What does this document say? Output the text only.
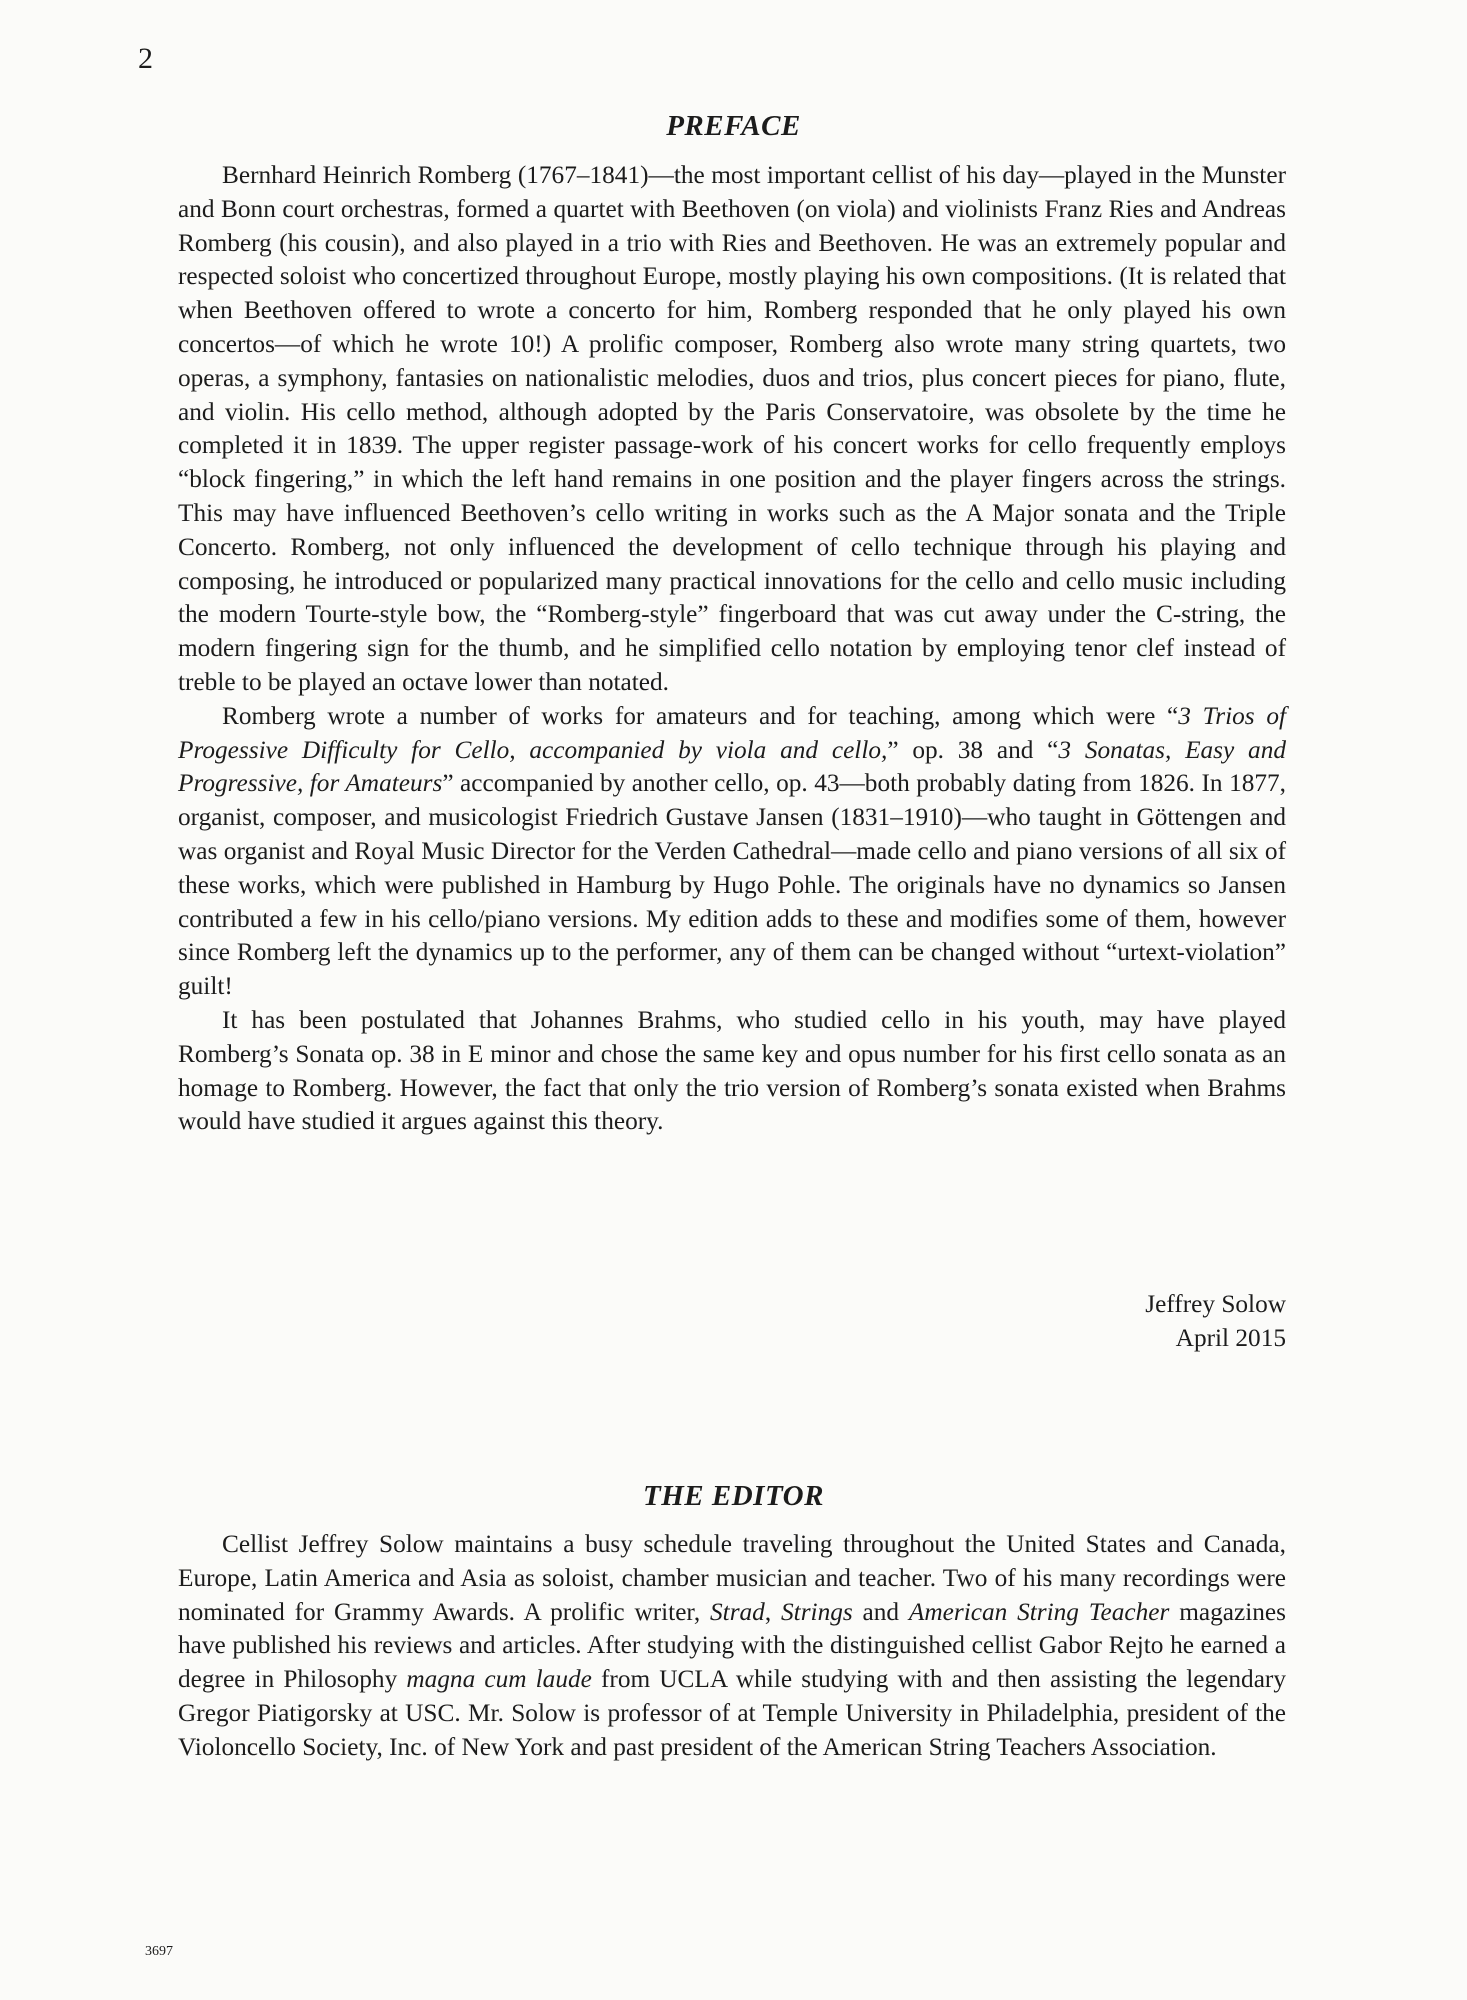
2
PREFACE

Bernhard Heinrich Romberg (1767–1841)—the most important cellist of his day—played in the Munster and Bonn court orchestras, formed a quartet with Beethoven (on viola) and violinists Franz Ries and Andreas Romberg (his cousin), and also played in a trio with Ries and Beethoven. He was an extremely popular and respected soloist who concertized throughout Europe, mostly playing his own compositions. (It is related that when Beethoven offered to wrote a concerto for him, Romberg responded that he only played his own concertos—of which he wrote 10!) A prolific composer, Romberg also wrote many string quartets, two operas, a symphony, fantasies on nationalistic melodies, duos and trios, plus concert pieces for piano, flute, and violin. His cello method, although adopted by the Paris Conservatoire, was obsolete by the time he completed it in 1839. The upper register passage-work of his concert works for cello frequently employs “block fingering,” in which the left hand remains in one position and the player fingers across the strings. This may have influenced Beethoven’s cello writing in works such as the A Major sonata and the Triple Concerto. Romberg, not only influenced the development of cello technique through his playing and composing, he introduced or popularized many practical innovations for the cello and cello music including the modern Tourte-style bow, the “Romberg-style” fingerboard that was cut away under the C-string, the modern fingering sign for the thumb, and he simplified cello notation by employing tenor clef instead of treble to be played an octave lower than notated.

Romberg wrote a number of works for amateurs and for teaching, among which were “3 Trios of Progessive Difficulty for Cello, accompanied by viola and cello,” op. 38 and “3 Sonatas, Easy and Progressive, for Amateurs” accompanied by another cello, op. 43—both probably dating from 1826. In 1877, organist, composer, and musicologist Friedrich Gustave Jansen (1831–1910)—who taught in Göttengen and was organist and Royal Music Director for the Verden Cathedral—made cello and piano versions of all six of these works, which were published in Hamburg by Hugo Pohle. The originals have no dynamics so Jansen contributed a few in his cello/piano versions. My edition adds to these and modifies some of them, however since Romberg left the dynamics up to the performer, any of them can be changed without “urtext-violation” guilt!

It has been postulated that Johannes Brahms, who studied cello in his youth, may have played Romberg’s Sonata op. 38 in E minor and chose the same key and opus number for his first cello sonata as an homage to Romberg. However, the fact that only the trio version of Romberg’s sonata existed when Brahms would have studied it argues against this theory.

Jeffrey Solow
April 2015
THE EDITOR

Cellist Jeffrey Solow maintains a busy schedule traveling throughout the United States and Canada, Europe, Latin America and Asia as soloist, chamber musician and teacher. Two of his many recordings were nominated for Grammy Awards. A prolific writer, Strad, Strings and American String Teacher magazines have published his reviews and articles. After studying with the distinguished cellist Gabor Rejto he earned a degree in Philosophy magna cum laude from UCLA while studying with and then assisting the legendary Gregor Piatigorsky at USC. Mr. Solow is professor of at Temple University in Philadelphia, president of the Violoncello Society, Inc. of New York and past president of the American String Teachers Association.

3697
